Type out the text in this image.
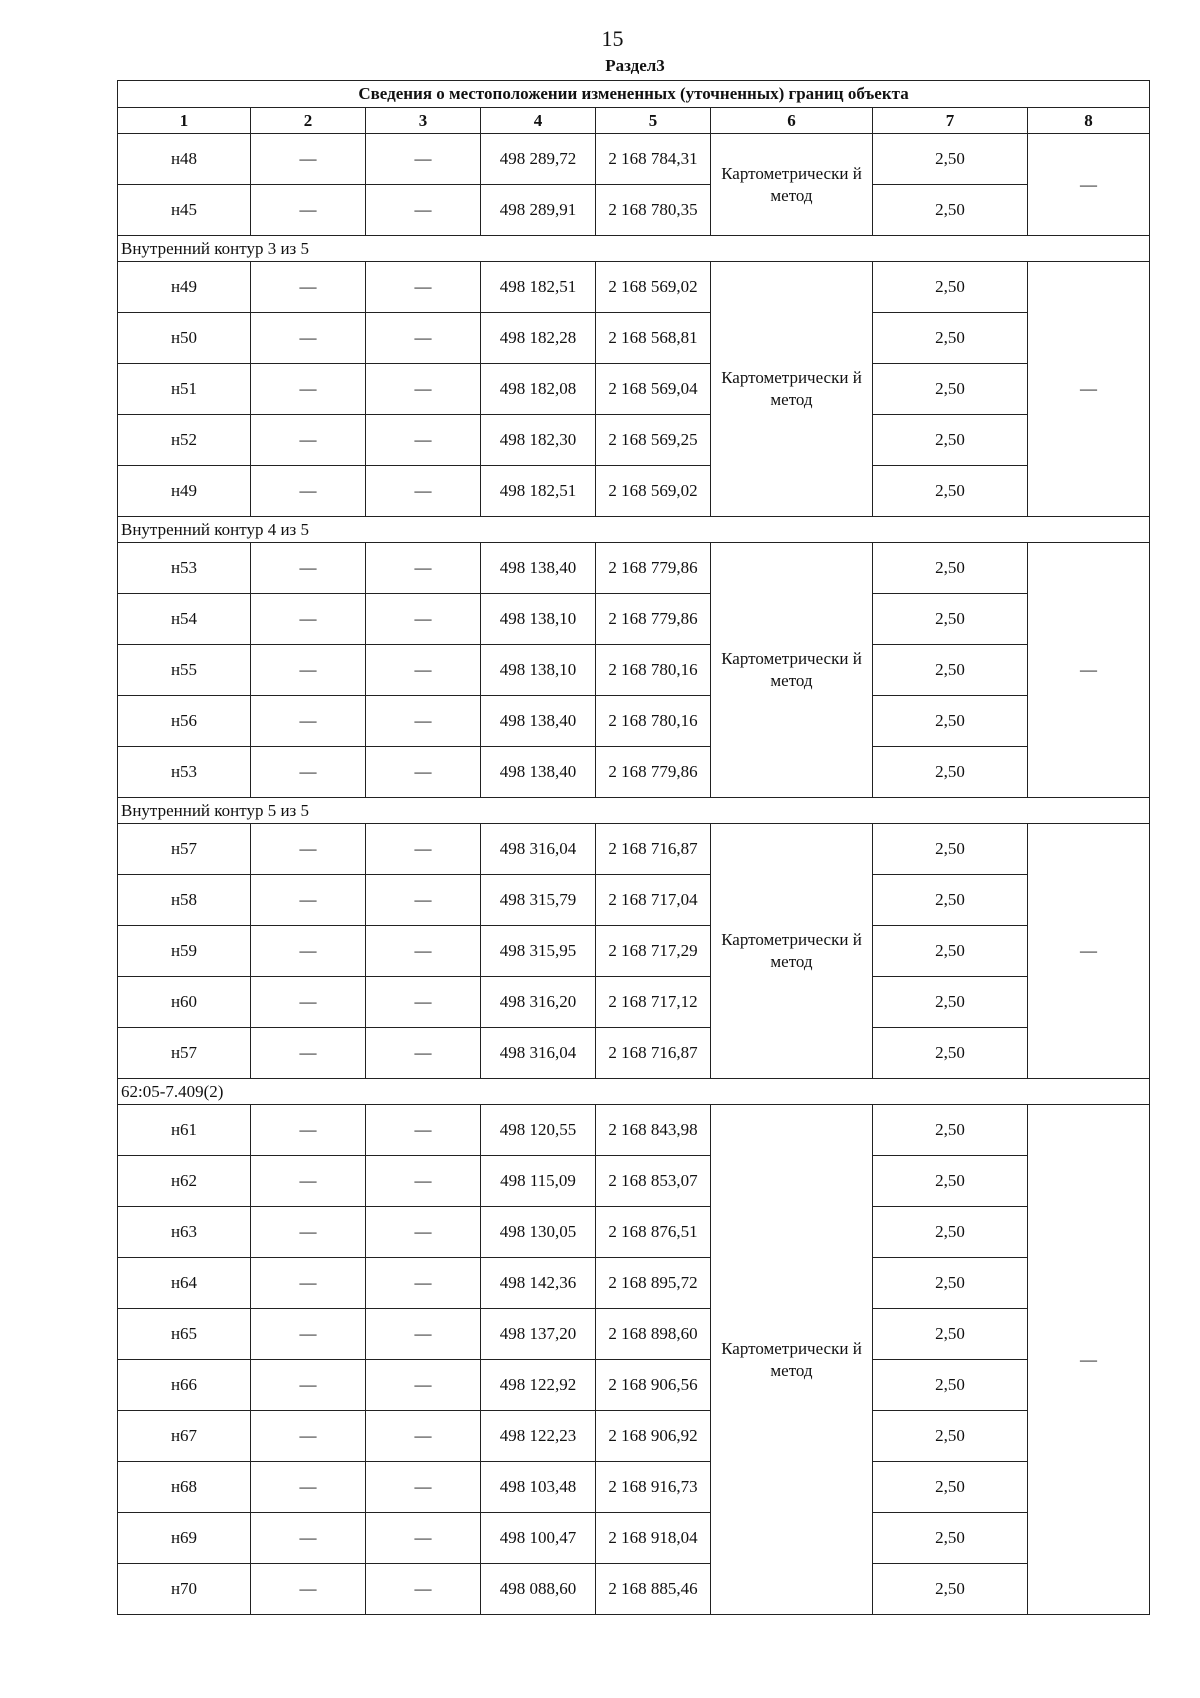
15
Раздел3
Сведения о местоположении измененных (уточненных) границ объекта							
1	2	3	4	5	6	7	8
н48	—	—	498 289,72	2 168 784,31	Картометрически й метод	2,50	—
н45	—	—	498 289,91	2 168 780,35		2,50	
Внутренний контур 3 из 5							
н49	—	—	498 182,51	2 168 569,02	Картометрически й метод	2,50	—
н50	—	—	498 182,28	2 168 568,81		2,50	
н51	—	—	498 182,08	2 168 569,04		2,50	
н52	—	—	498 182,30	2 168 569,25		2,50	
н49	—	—	498 182,51	2 168 569,02		2,50	
Внутренний контур 4 из 5							
н53	—	—	498 138,40	2 168 779,86	Картометрически й метод	2,50	—
н54	—	—	498 138,10	2 168 779,86		2,50	
н55	—	—	498 138,10	2 168 780,16		2,50	
н56	—	—	498 138,40	2 168 780,16		2,50	
н53	—	—	498 138,40	2 168 779,86		2,50	
Внутренний контур 5 из 5							
н57	—	—	498 316,04	2 168 716,87	Картометрически й метод	2,50	—
н58	—	—	498 315,79	2 168 717,04		2,50	
н59	—	—	498 315,95	2 168 717,29		2,50	
н60	—	—	498 316,20	2 168 717,12		2,50	
н57	—	—	498 316,04	2 168 716,87		2,50	
62:05-7.409(2)							
н61	—	—	498 120,55	2 168 843,98	Картометрически й метод	2,50	—
н62	—	—	498 115,09	2 168 853,07		2,50	
н63	—	—	498 130,05	2 168 876,51		2,50	
н64	—	—	498 142,36	2 168 895,72		2,50	
н65	—	—	498 137,20	2 168 898,60		2,50	
н66	—	—	498 122,92	2 168 906,56		2,50	
н67	—	—	498 122,23	2 168 906,92		2,50	
н68	—	—	498 103,48	2 168 916,73		2,50	
н69	—	—	498 100,47	2 168 918,04		2,50	
н70	—	—	498 088,60	2 168 885,46		2,50	
